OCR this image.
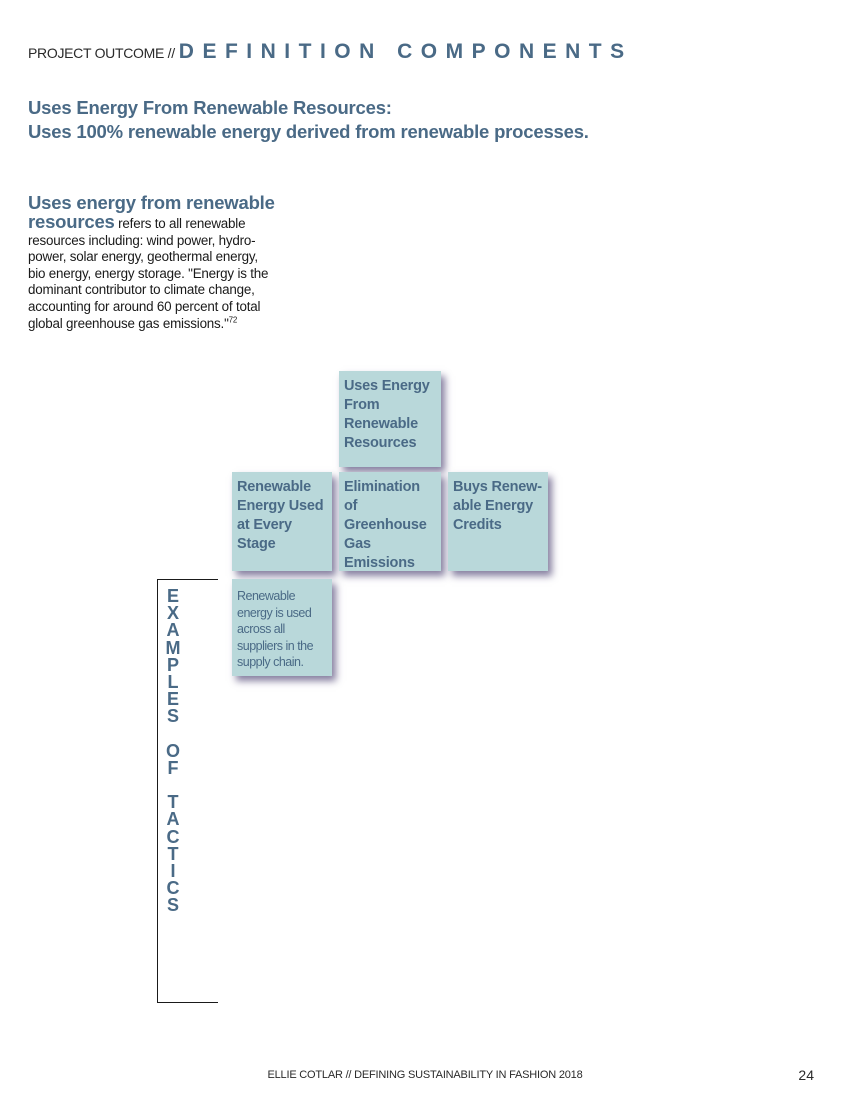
PROJECT OUTCOME // DEFINITION COMPONENTS
Uses Energy From Renewable Resources:
Uses 100% renewable energy derived from renewable processes.
Uses energy from renewable
resources refers to all renewable resources including: wind power, hydro-power, solar energy, geothermal energy, bio energy, energy storage. "Energy is the dominant contributor to climate change, accounting for around 60 percent of total global greenhouse gas emissions."$^{72}$
Uses Energy From Renewable Resources
Renewable Energy Used at Every Stage
Elimination of Greenhouse Gas Emissions
Buys Renew-able Energy Credits
E
X
A
M
P
L
E
S

O
F

T
A
C
T
I
C
S
Renewable energy is used across all suppliers in the supply chain.
ELLIE COTLAR // DEFINING SUSTAINABILITY IN FASHION 2018	24
